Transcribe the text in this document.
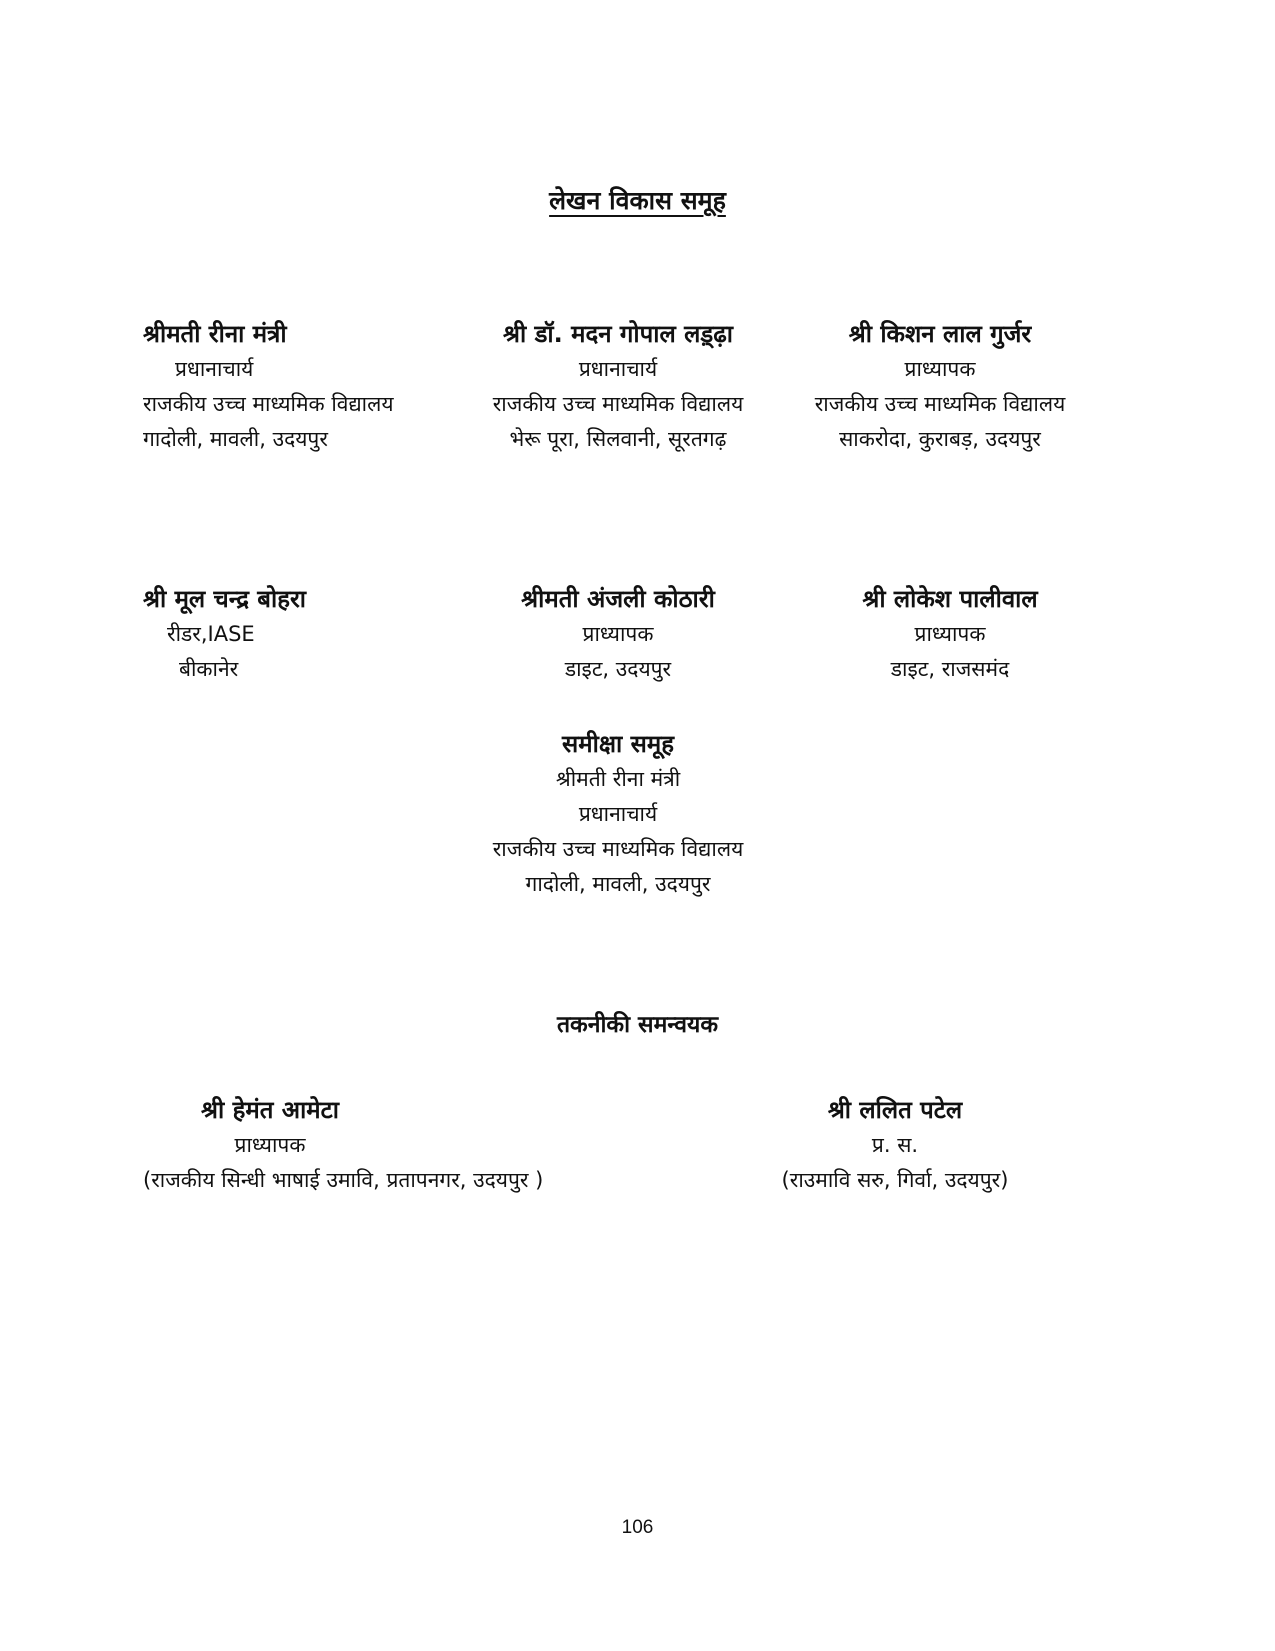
लेखन विकास समूह
श्रीमती रीना मंत्री
प्रधानाचार्य
राजकीय उच्च माध्यमिक विद्यालय
गादोली, मावली, उदयपुर
श्री डॉ. मदन गोपाल लड़्ढ़ा
प्रधानाचार्य
राजकीय उच्च माध्यमिक विद्यालय
भेरू पूरा, सिलवानी, सूरतगढ़
श्री किशन लाल गुर्जर
प्राध्यापक
राजकीय उच्च माध्यमिक विद्यालय
साकरोदा, कुराबड़, उदयपुर
श्री मूल चन्द्र बोहरा
रीडर,IASE
बीकानेर
श्रीमती अंजली कोठारी
प्राध्यापक
डाइट, उदयपुर
श्री लोकेश पालीवाल
प्राध्यापक
डाइट, राजसमंद
समीक्षा समूह
श्रीमती रीना मंत्री
प्रधानाचार्य
राजकीय उच्च माध्यमिक विद्यालय
गादोली, मावली, उदयपुर
तकनीकी समन्वयक
श्री हेमंत आमेटा
प्राध्यापक
(राजकीय सिन्धी भाषाई उमावि, प्रतापनगर, उदयपुर )
श्री ललित पटेल
प्र. स.
(राउमावि सरु, गिर्वा, उदयपुर)
106
